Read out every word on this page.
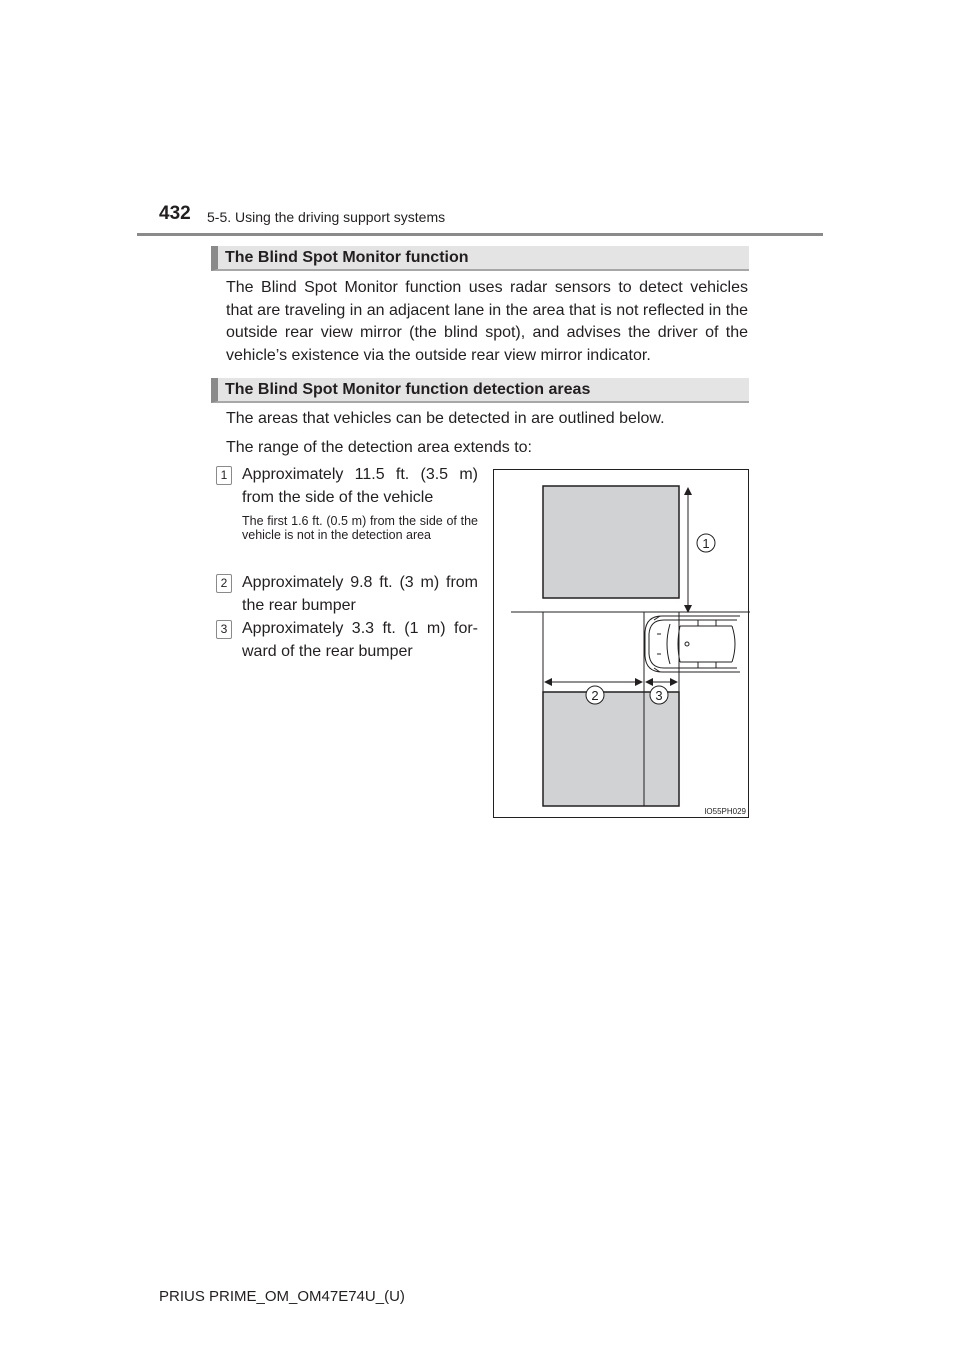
432 5-5. Using the driving support systems
The Blind Spot Monitor function
The Blind Spot Monitor function uses radar sensors to detect vehicles that are traveling in an adjacent lane in the area that is not reflected in the outside rear view mirror (the blind spot), and advises the driver of the vehicle’s existence via the outside rear view mirror indicator.
The Blind Spot Monitor function detection areas
The areas that vehicles can be detected in are outlined below.
The range of the detection area extends to:
1 Approximately 11.5 ft. (3.5 m) from the side of the vehicle
The first 1.6 ft. (0.5 m) from the side of the vehicle is not in the detection area
2 Approximately 9.8 ft. (3 m) from the rear bumper
3 Approximately 3.3 ft. (1 m) for- ward of the rear bumper
1
2	3
IO55PH029
PRIUS PRIME_OM_OM47E74U_(U)
